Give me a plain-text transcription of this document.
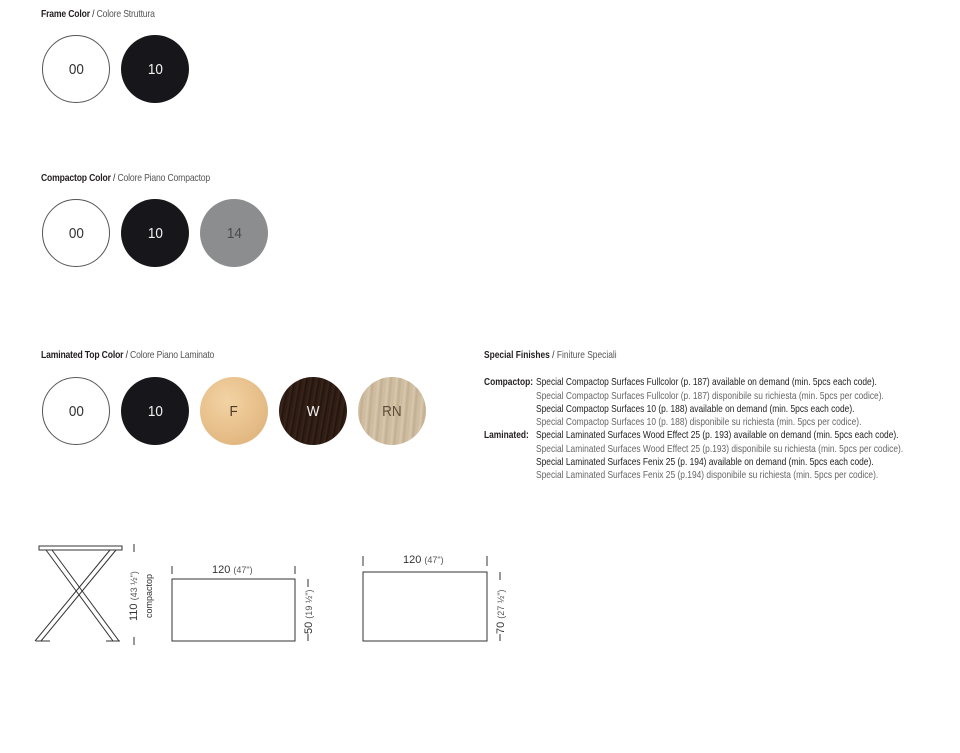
Frame Color / Colore Struttura
00	10
Compactop Color / Colore Piano Compactop
00	10	14
Laminated Top Color / Colore Piano Laminato
00	10	F	W	RN
Special Finishes / Finiture Speciali
Compactop: Special Compactop Surfaces Fullcolor (p. 187) available on demand (min. 5pcs each code).
Special Compactop Surfaces Fullcolor (p. 187) disponibile su richiesta (min. 5pcs per codice).
Special Compactop Surfaces 10 (p. 188) available on demand (min. 5pcs each code).
Special Compactop Surfaces 10 (p. 188) disponibile su richiesta (min. 5pcs per codice).
Laminated: Special Laminated Surfaces Wood Effect 25 (p. 193) available on demand (min. 5pcs each code).
Special Laminated Surfaces Wood Effect 25 (p.193) disponibile su richiesta (min. 5pcs per codice).
Special Laminated Surfaces Fenix 25 (p. 194) available on demand (min. 5pcs each code).
Special Laminated Surfaces Fenix 25 (p.194) disponibile su richiesta (min. 5pcs per codice).
110 (43 ½") compactop
120 (47")
50 (19 ½")
120 (47")
70 (27 ½")
